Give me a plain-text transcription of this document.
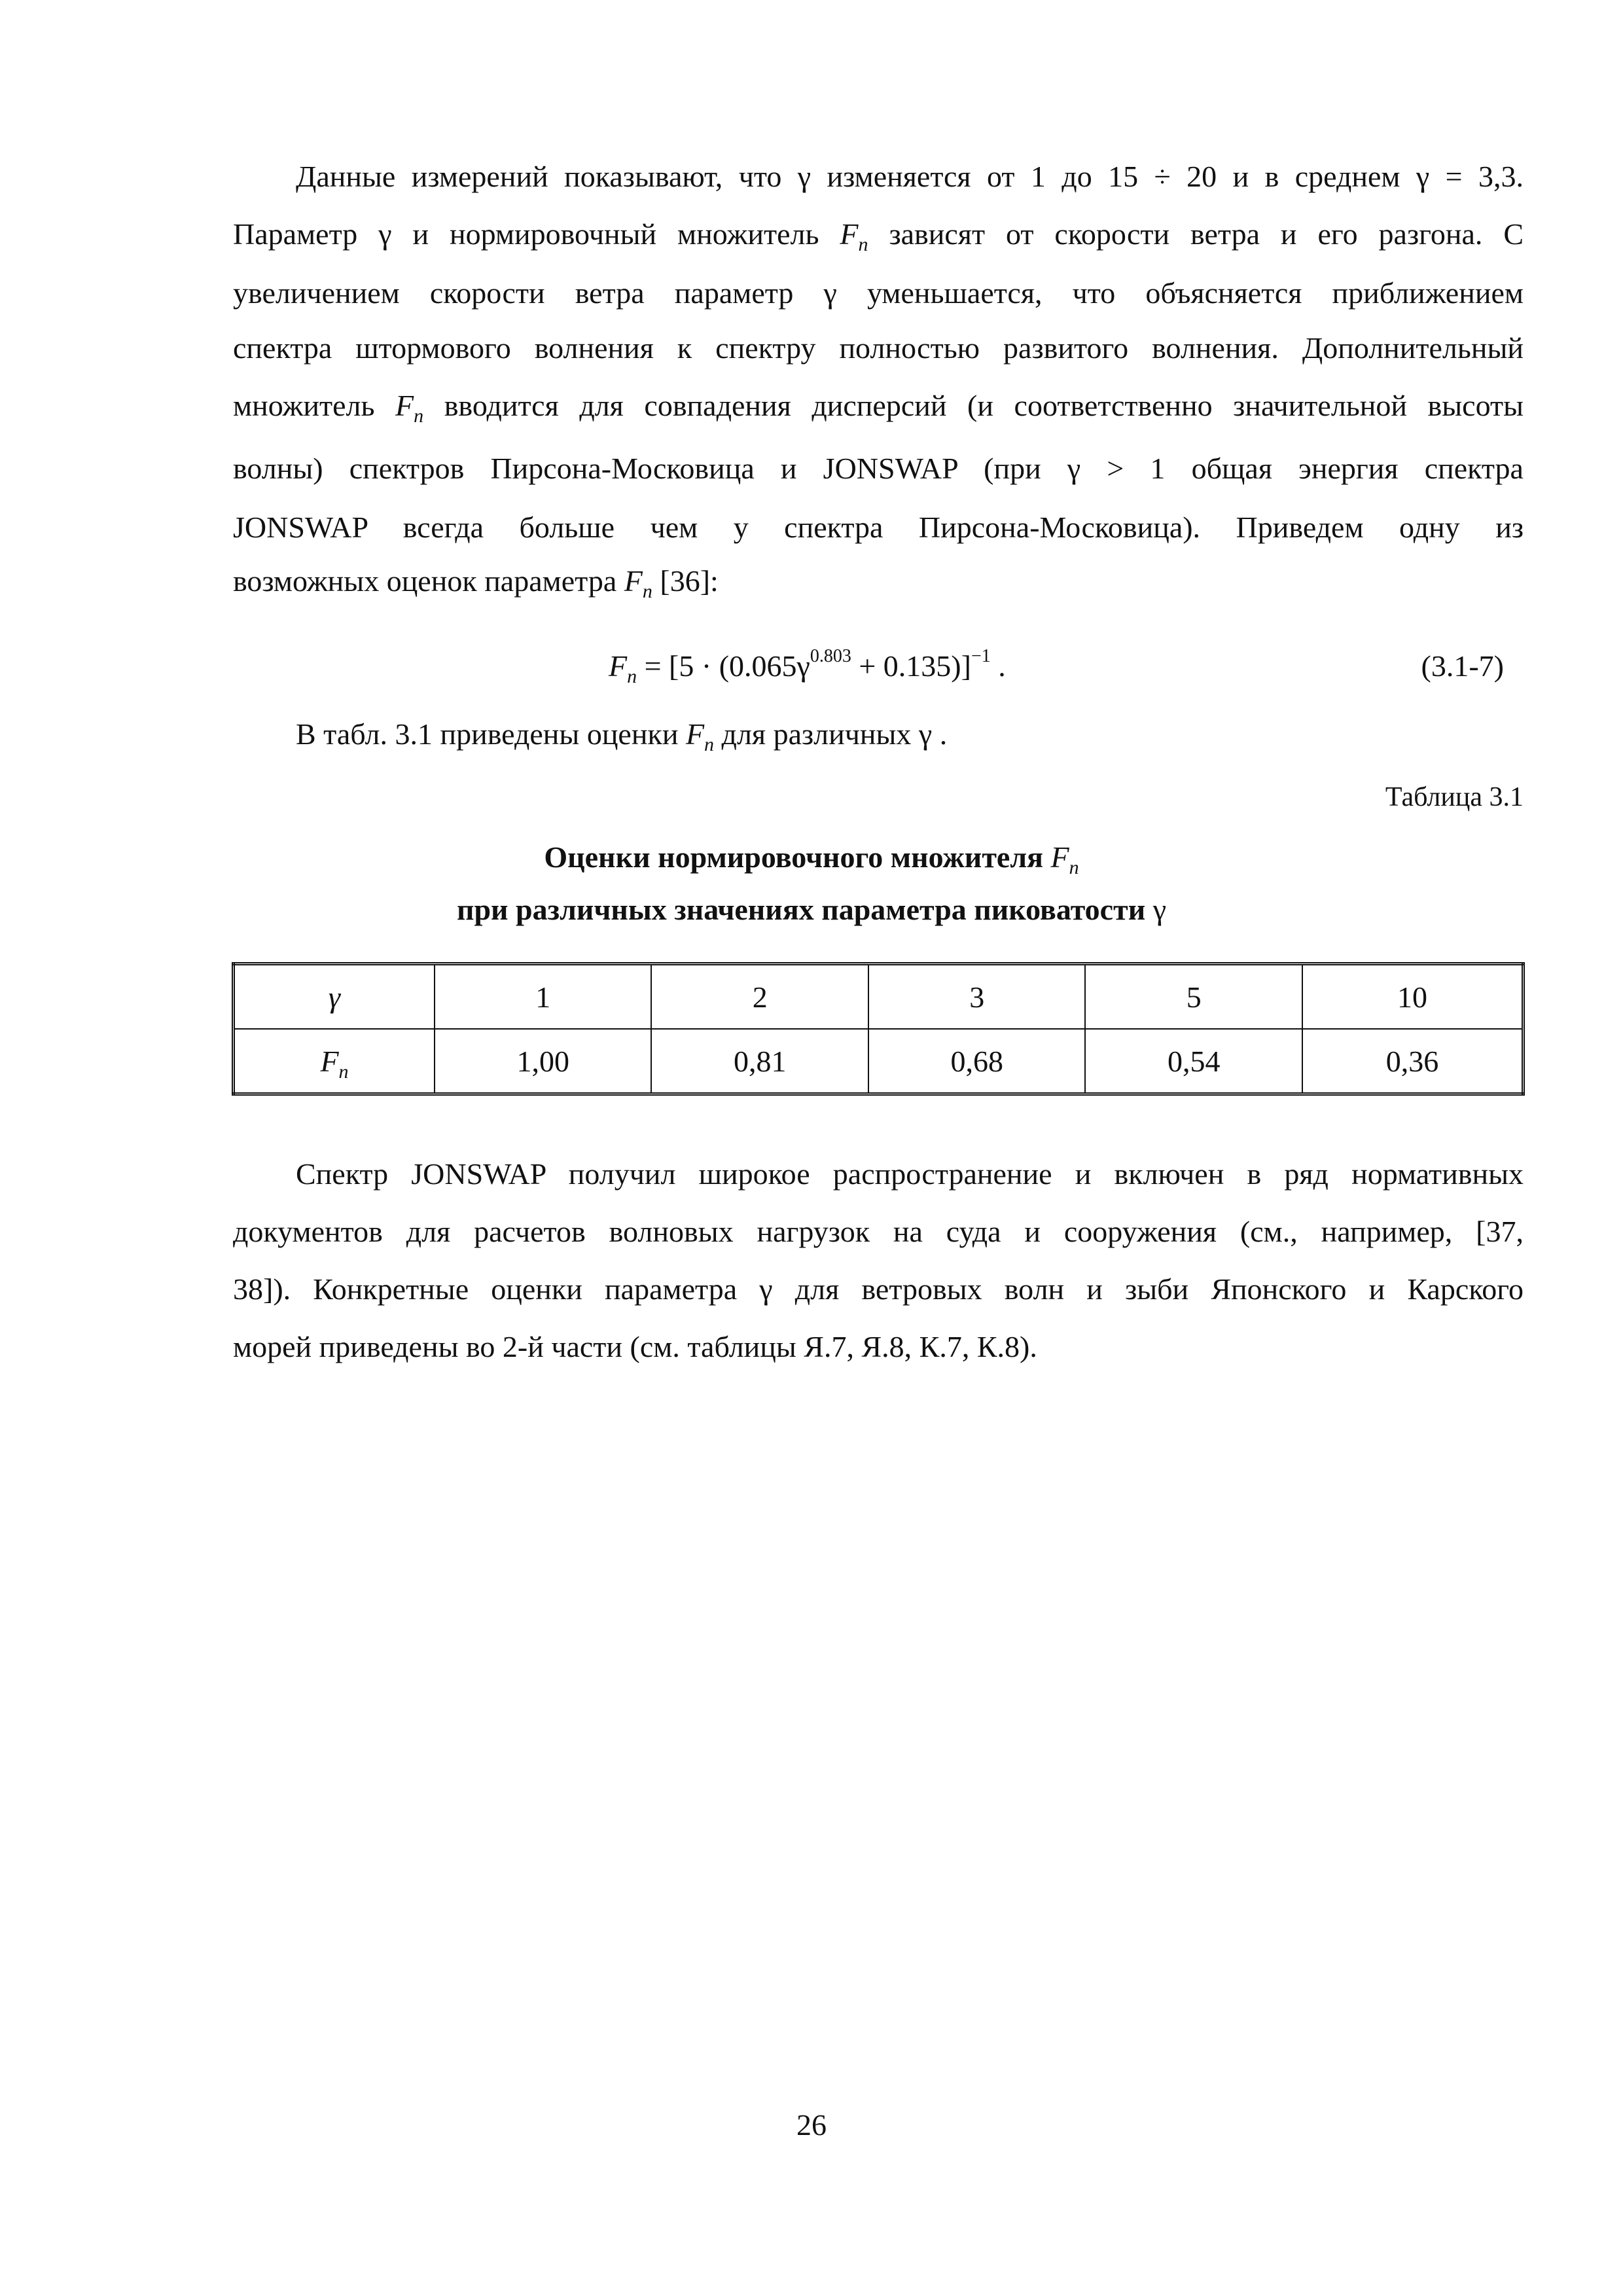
Данные измерений показывают, что γ изменяется от 1 до 15 ÷ 20 и в среднем γ = 3,3.
Параметр γ и нормировочный множитель $F_n$ зависят от скорости ветра и его разгона. С
увеличением скорости ветра параметр γ уменьшается, что объясняется приближением
спектра штормового волнения к спектру полностью развитого волнения. Дополнительный
множитель $F_n$ вводится для совпадения дисперсий (и соответственно значительной высоты
волны) спектров Пирсона-Московица и JONSWAP (при γ > 1 общая энергия спектра
JONSWAP всегда больше чем у спектра Пирсона-Московица). Приведем одну из
возможных оценок параметра $F_n$ [36]:
$F_n = [5 \cdot (0.065\gamma^{0.803} + 0.135)]^{-1}$ .	(3.1-7)
В табл. 3.1 приведены оценки $F_n$ для различных γ .
Таблица 3.1
Оценки нормировочного множителя $F_n$
при различных значениях параметра пиковатости γ
γ	1	2	3	5	10
$F_n$	1,00	0,81	0,68	0,54	0,36
Спектр JONSWAP получил широкое распространение и включен в ряд нормативных
документов для расчетов волновых нагрузок на суда и сооружения (см., например, [37,
38]). Конкретные оценки параметра γ для ветровых волн и зыби Японского и Карского
морей приведены во 2-й части (см. таблицы Я.7, Я.8, К.7, К.8).
26
